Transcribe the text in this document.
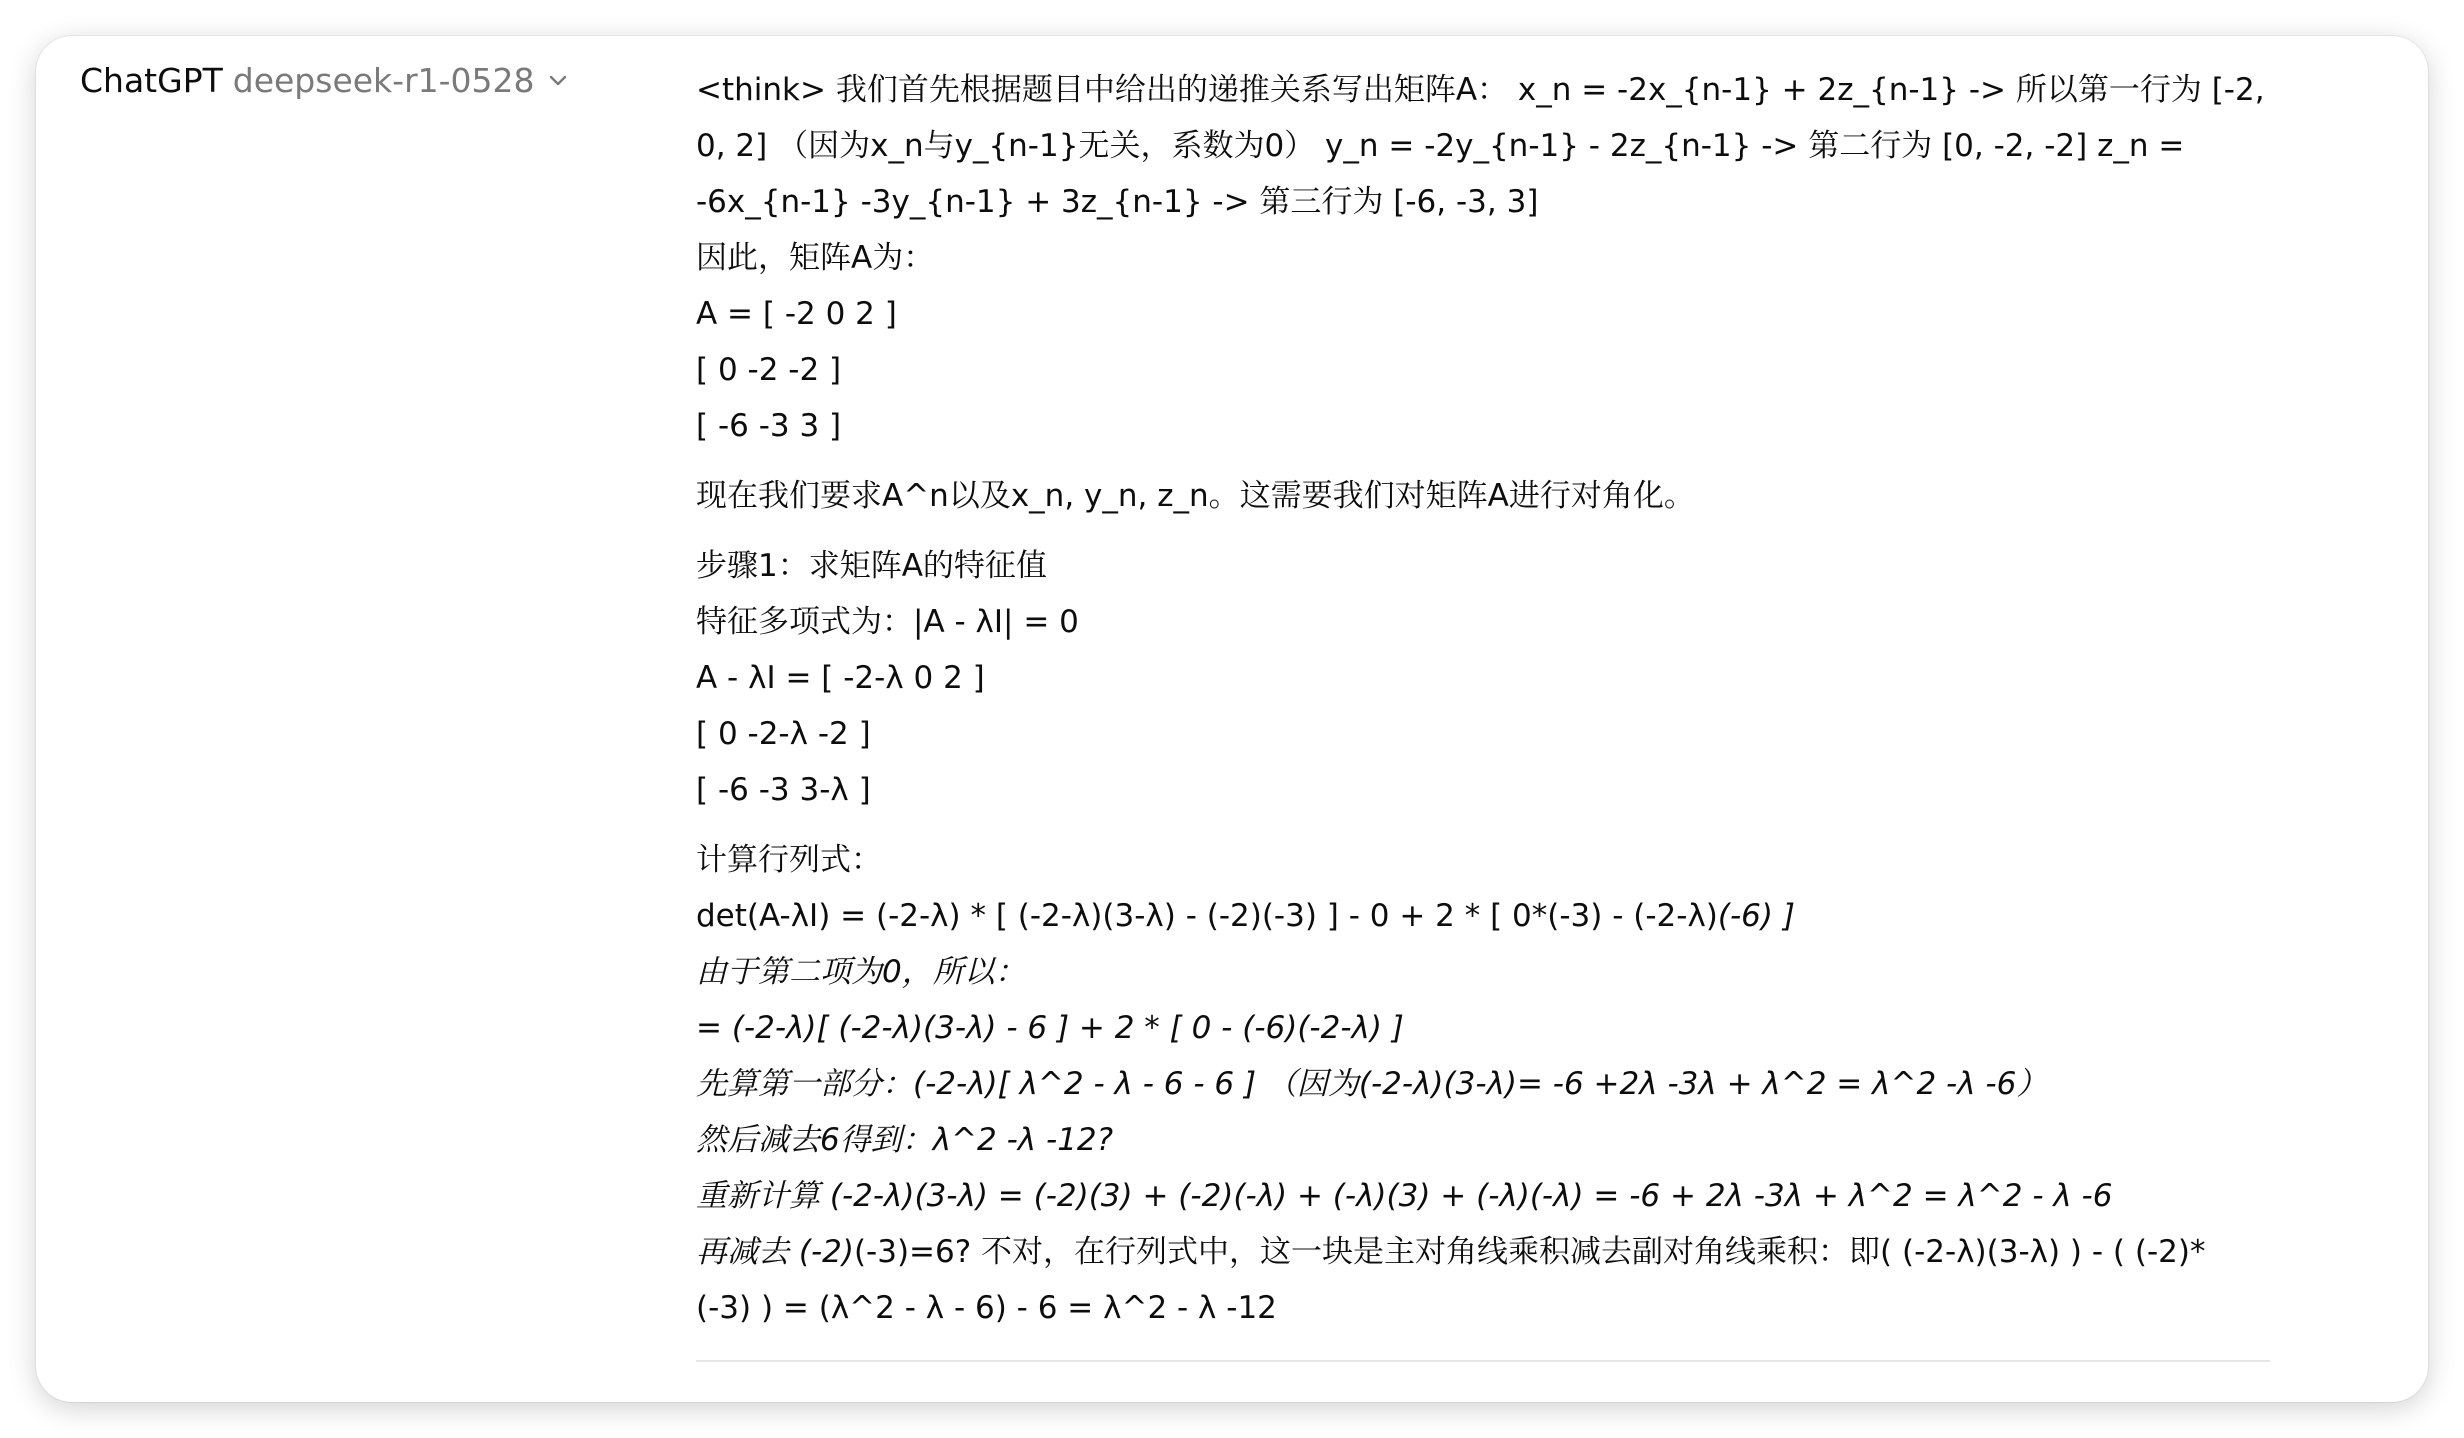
ChatGPT deepseek-r1-0528	<think> 我们首先根据题目中给出的递推关系写出矩阵A： x_n = -2x_{n-1} + 2z_{n-1} -> 所以第一行为 [-2, 0, 2] （因为x_n与y_{n-1}无关，系数为0） y_n = -2y_{n-1} - 2z_{n-1} -> 第二行为 [0, -2, -2] z_n = -6x_{n-1} -3y_{n-1} + 3z_{n-1} -> 第三行为 [-6, -3, 3]

因此，矩阵A为：

A = [ -2 0 2 ]

[ 0 -2 -2 ]

[ -6 -3 3 ]

现在我们要求A^n以及x_n, y_n, z_n。这需要我们对矩阵A进行对角化。

步骤1：求矩阵A的特征值

特征多项式为：|A - λI| = 0

A - λI = [ -2-λ 0 2 ]

[ 0 -2-λ -2 ]

[ -6 -3 3-λ ]

计算行列式：

det(A-λI) = (-2-λ) * [ (-2-λ)(3-λ) - (-2)(-3) ] - 0 + 2 * [ 0*(-3) - (-2-λ)(-6) ]

由于第二项为0，所以：

= (-2-λ)[ (-2-λ)(3-λ) - 6 ] + 2 * [ 0 - (-6)(-2-λ) ]

先算第一部分：(-2-λ)[ λ^2 - λ - 6 - 6 ] （因为(-2-λ)(3-λ)= -6 +2λ -3λ + λ^2 = λ^2 -λ -6）

然后减去6得到：λ^2 -λ -12?

重新计算 (-2-λ)(3-λ) = (-2)(3) + (-2)(-λ) + (-λ)(3) + (-λ)(-λ) = -6 + 2λ -3λ + λ^2 = λ^2 - λ -6

再减去 (-2)(-3)=6? 不对，在行列式中，这一块是主对角线乘积减去副对角线乘积：即( (-2-λ)(3-λ) ) - ( (-2)* (-3) ) = (λ^2 - λ - 6) - 6 = λ^2 - λ -12
